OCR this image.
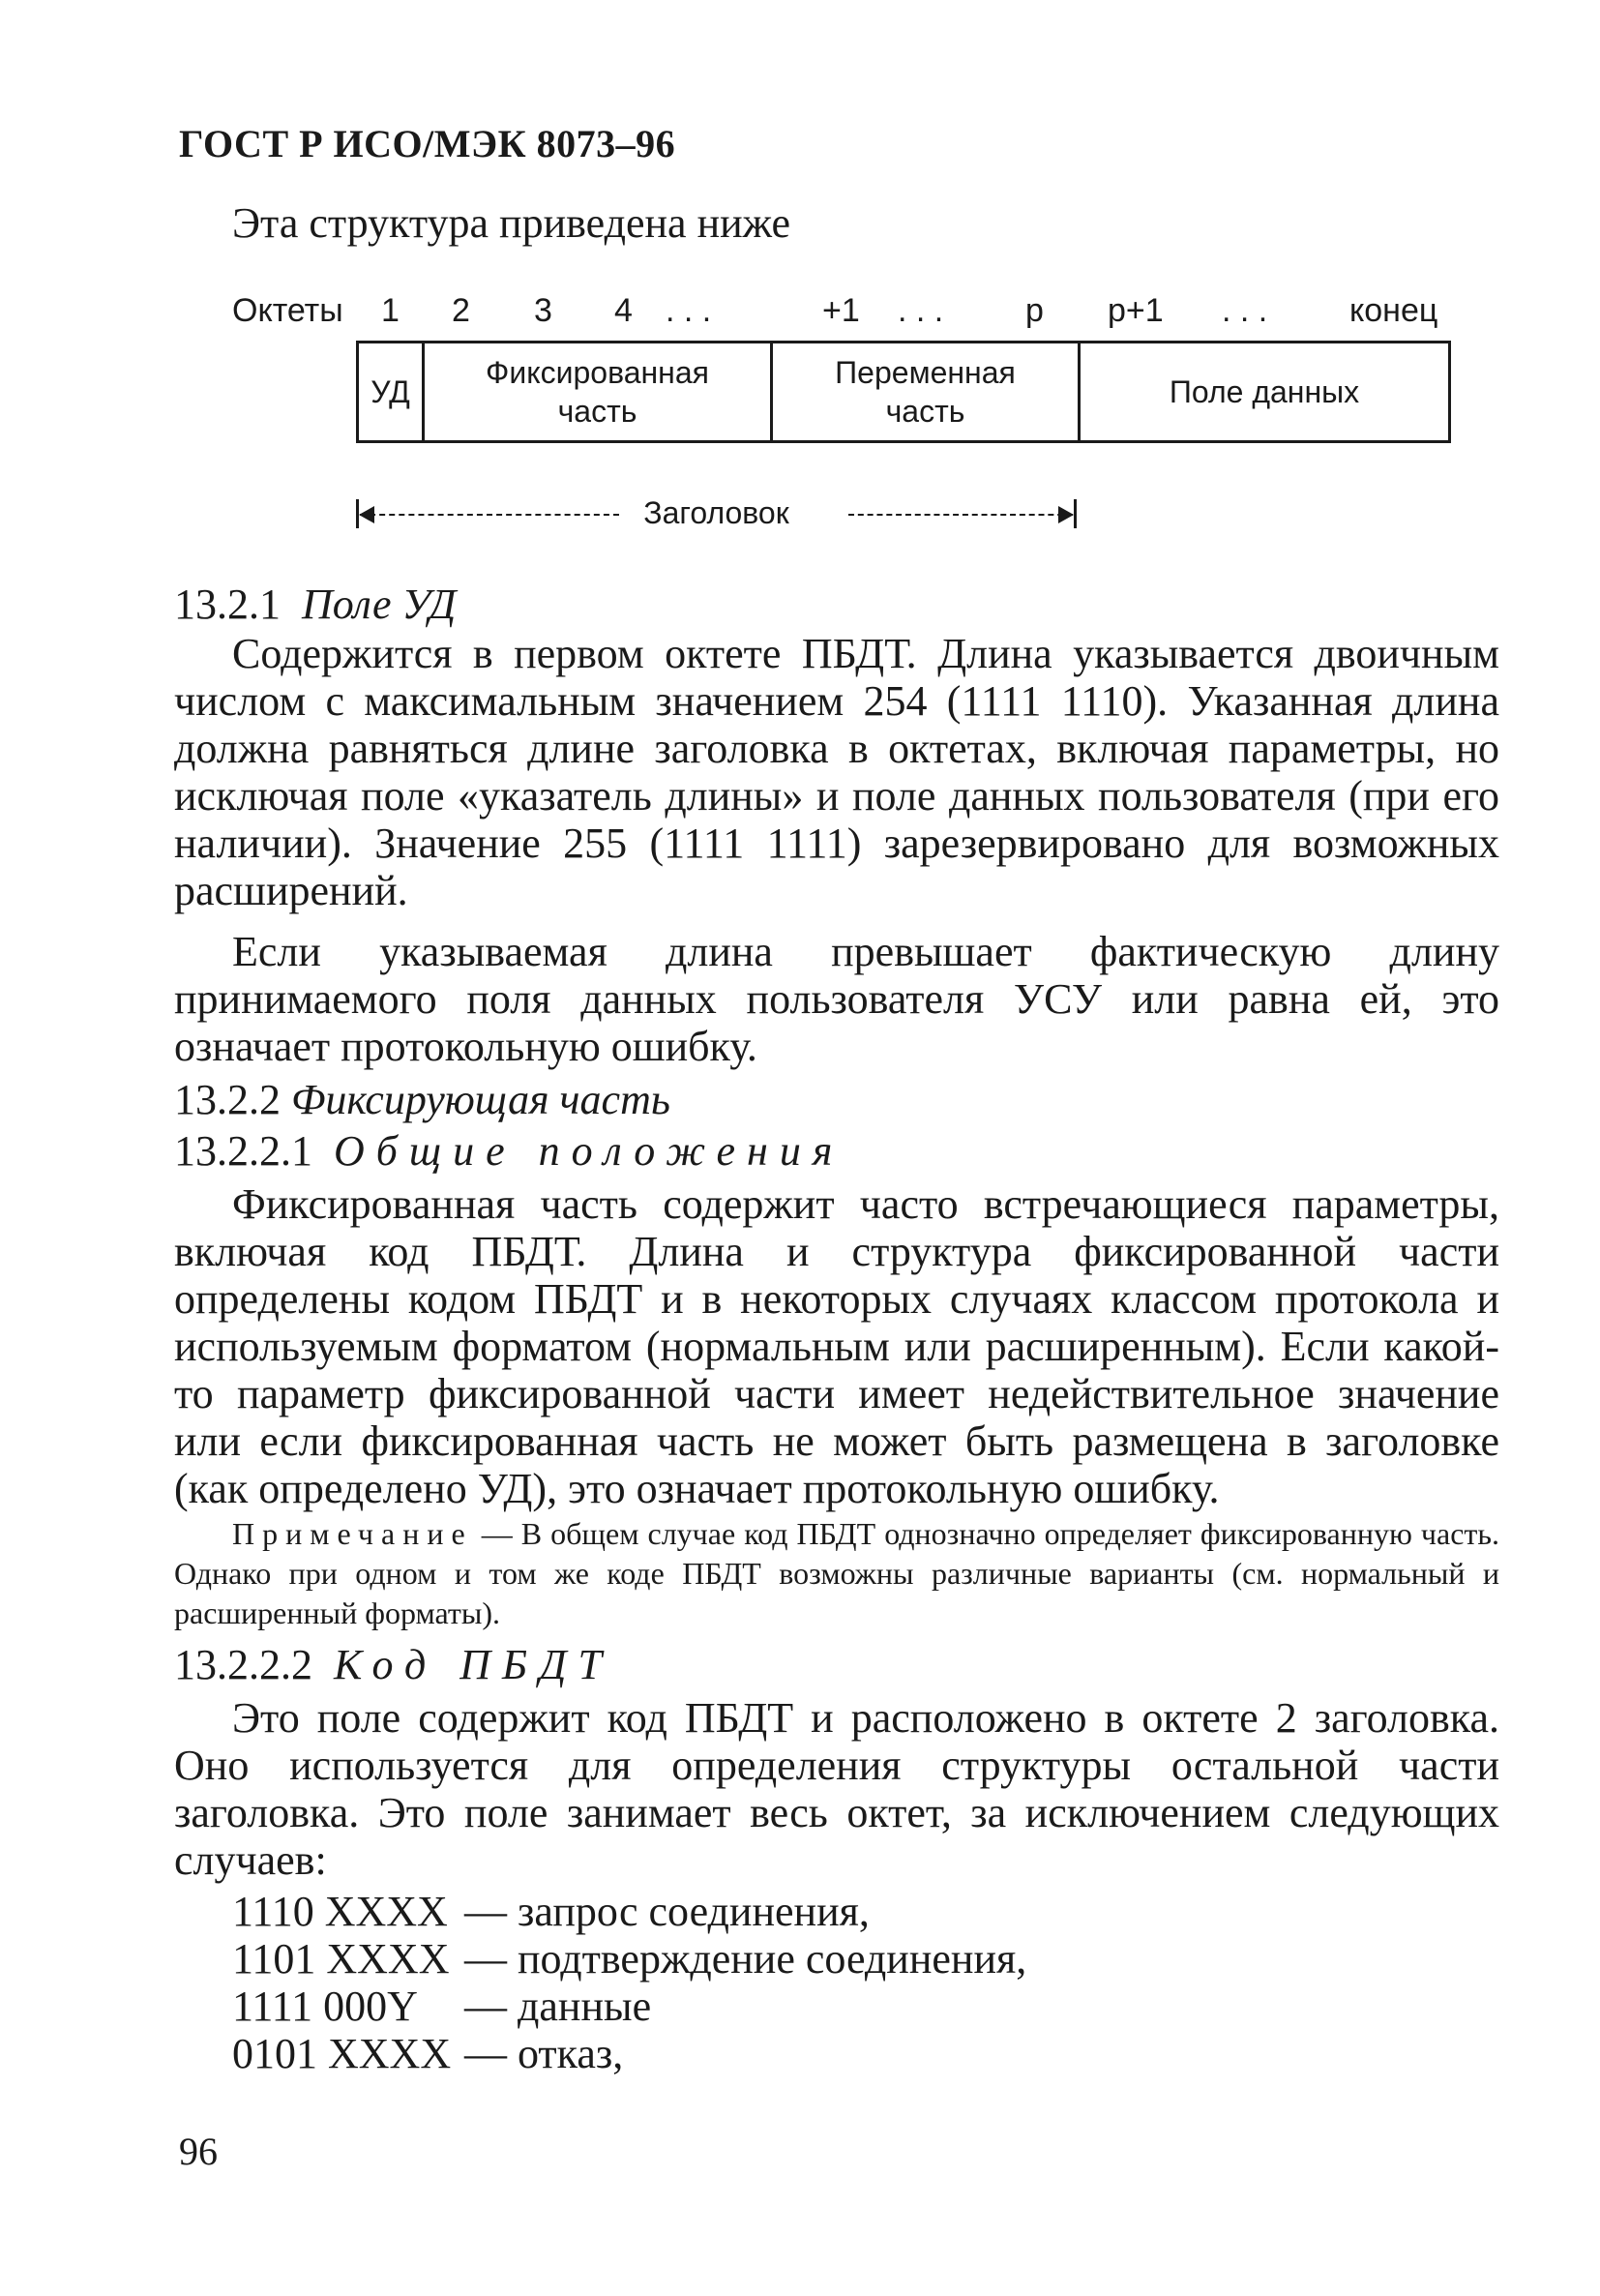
ГОСТ Р ИСО/МЭК 8073–96
Эта структура приведена ниже
Октеты 1 2 3 4 . . .	+1 . . . p p+1 . . . конец
УД
Фиксированная
часть
Переменная
часть
Поле данных
Заголовок

13.2.1 Поле УД

Содержится в первом октете ПБДТ. Длина указывается двоичным числом с максимальным значением 254 (1111 1110). Указанная длина должна равняться длине заголовка в октетах, включая параметры, но исключая поле «указатель длины» и поле данных пользователя (при его наличии). Значение 255 (1111 1111) зарезервировано для возможных расширений.

Если указываемая длина превышает фактическую длину принимаемого поля данных пользователя УСУ или равна ей, это означает протокольную ошибку.

13.2.2 Фиксирующая часть

13.2.2.1 Общие положения

Фиксированная часть содержит часто встречающиеся параметры, включая код ПБДТ. Длина и структура фиксированной части определены кодом ПБДТ и в некоторых случаях классом протокола и используемым форматом (нормальным или расширенным). Если какой-то параметр фиксированной части имеет недействительное значение или если фиксированная часть не может быть размещена в заголовке (как определено УД), это означает протокольную ошибку.

Примечание — В общем случае код ПБДТ однозначно определяет фиксированную часть. Однако при одном и том же коде ПБДТ возможны различные варианты (см. нормальный и расширенный форматы).

13.2.2.2 Код ПБДТ

Это поле содержит код ПБДТ и расположено в октете 2 заголовка. Оно используется для определения структуры остальной части заголовка. Это поле занимает весь октет, за исключением следующих случаев:

1110 XXXX — запрос соединения,
1101 XXXX — подтверждение соединения,
1111 000Y	— данные
0101 XXXX — отказ,
96
